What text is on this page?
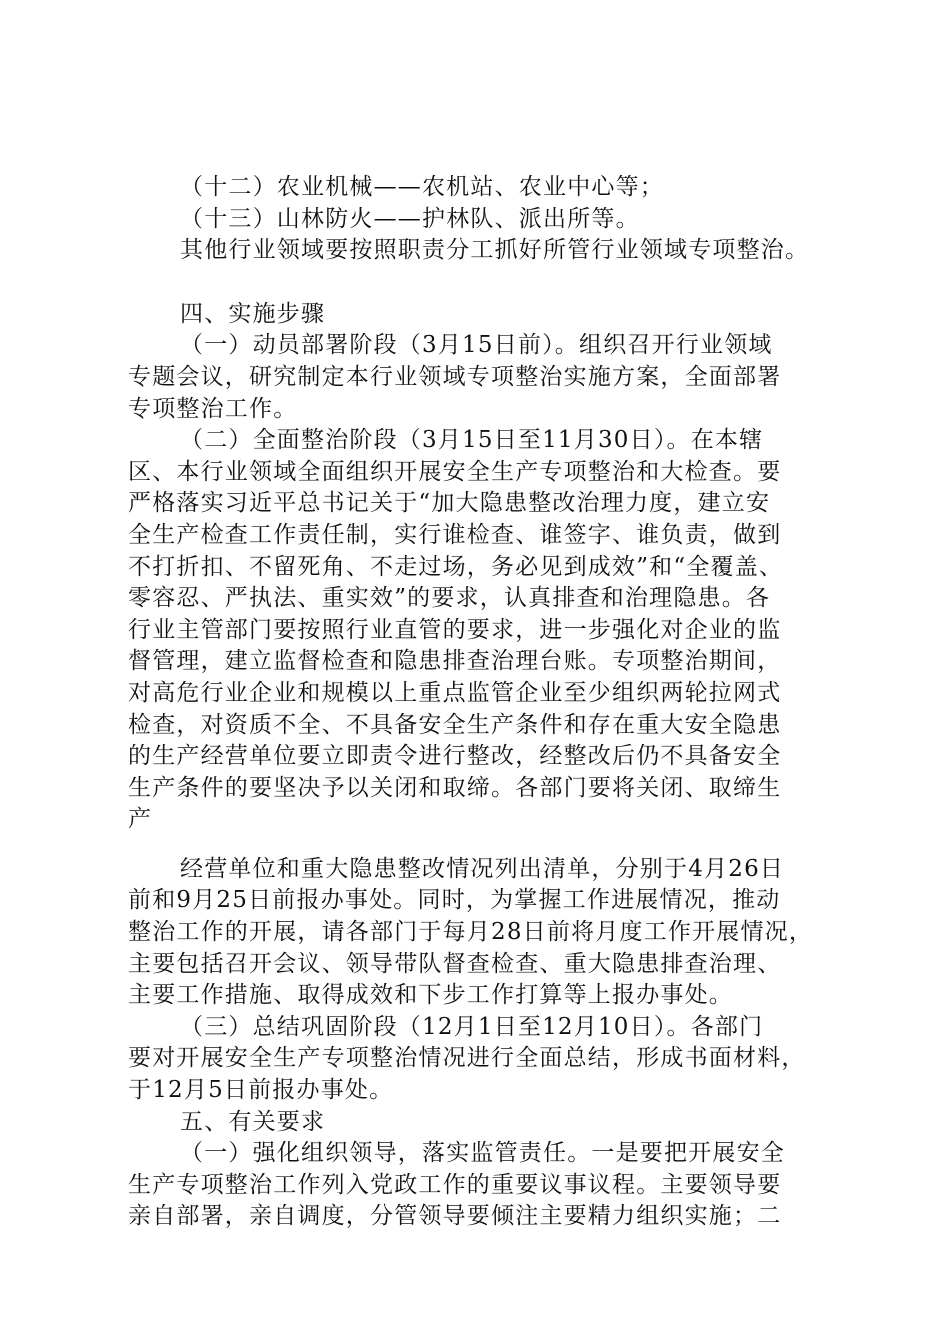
（十二）农业机械——农机站、农业中心等；
（十三）山林防火——护林队、派出所等。
其他行业领域要按照职责分工抓好所管行业领域专项整治。
四、实施步骤
（一）动员部署阶段（3月15日前）。组织召开行业领域
专题会议，研究制定本行业领域专项整治实施方案，全面部署
专项整治工作。
（二）全面整治阶段（3月15日至11月30日）。在本辖
区、本行业领域全面组织开展安全生产专项整治和大检查。要
严格落实习近平总书记关于“加大隐患整改治理力度，建立安
全生产检查工作责任制，实行谁检查、谁签字、谁负责，做到
不打折扣、不留死角、不走过场，务必见到成效”和“全覆盖、
零容忍、严执法、重实效”的要求，认真排查和治理隐患。各
行业主管部门要按照行业直管的要求，进一步强化对企业的监
督管理，建立监督检查和隐患排查治理台账。专项整治期间，
对高危行业企业和规模以上重点监管企业至少组织两轮拉网式
检查，对资质不全、不具备安全生产条件和存在重大安全隐患
的生产经营单位要立即责令进行整改，经整改后仍不具备安全
生产条件的要坚决予以关闭和取缔。各部门要将关闭、取缔生
产
经营单位和重大隐患整改情况列出清单，分别于4月26日
前和9月25日前报办事处。同时，为掌握工作进展情况，推动
整治工作的开展，请各部门于每月28日前将月度工作开展情况，
主要包括召开会议、领导带队督查检查、重大隐患排查治理、
主要工作措施、取得成效和下步工作打算等上报办事处。
（三）总结巩固阶段（12月1日至12月10日）。各部门
要对开展安全生产专项整治情况进行全面总结，形成书面材料，
于12月5日前报办事处。
五、有关要求
（一）强化组织领导，落实监管责任。一是要把开展安全
生产专项整治工作列入党政工作的重要议事议程。主要领导要
亲自部署，亲自调度，分管领导要倾注主要精力组织实施；二
